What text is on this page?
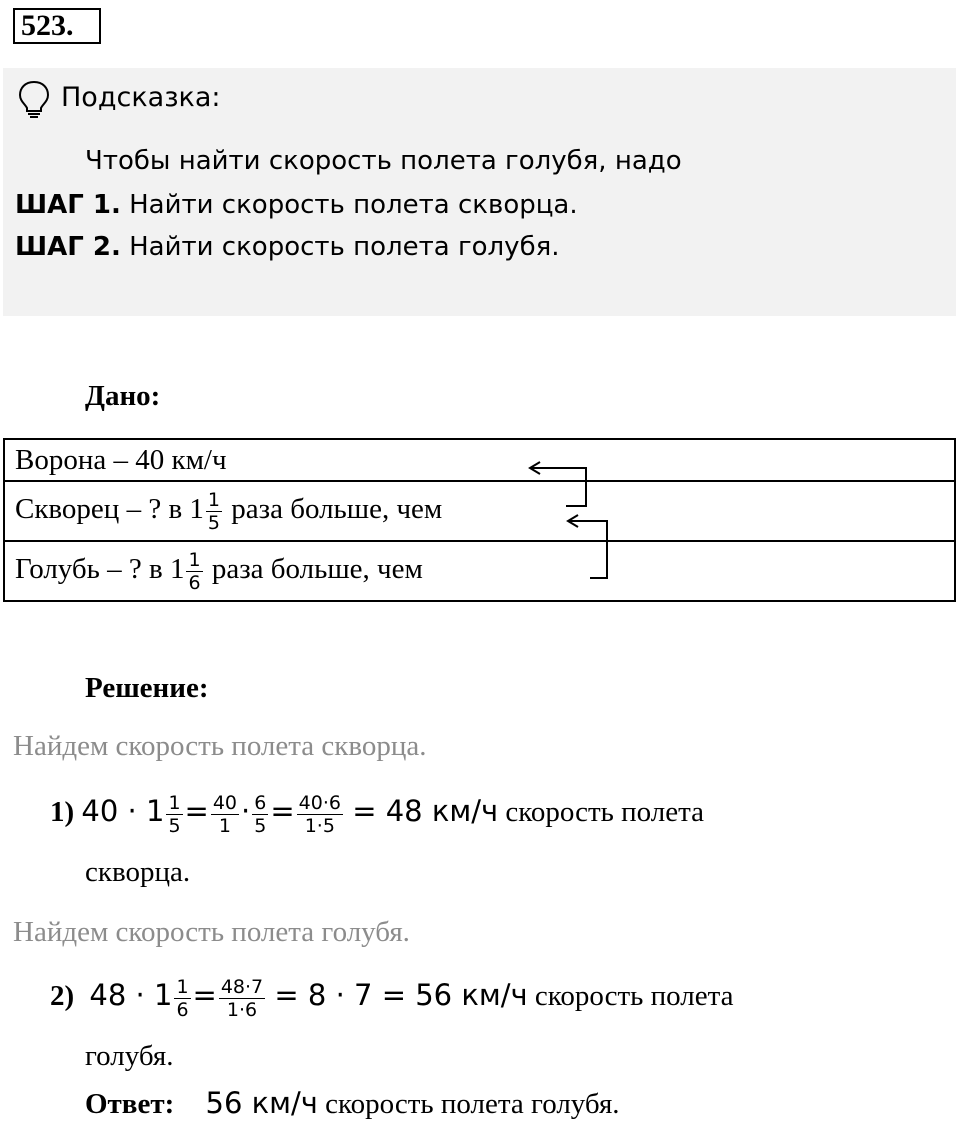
523.
Подсказка:
Чтобы найти скорость полета голубя, надо
ШАГ 1. Найти скорость полета скворца.
ШАГ 2. Найти скорость полета голубя.
Дано:
Ворона – 40 км/ч
Скворец – ? в $1 \frac{1}{5}$ раза больше, чем
Голубь – ? в $1 \frac{1}{6}$ раза больше, чем
Решение:
Найдем скорость полета скворца.
1) $40 \cdot 1 \frac{1}{5} = \frac{40}{1} \cdot \frac{6}{5} = \frac{40\cdot 6}{1\cdot 5} = 48$ км/ч скорость полета
скворца.
Найдем скорость полета голубя.
2) $48 \cdot 1 \frac{1}{6} = \frac{48\cdot 7}{1\cdot 6} = 8 \cdot 7 = 56$ км/ч скорость полета
голубя.
Ответ: 56 км/ч скорость полета голубя.
